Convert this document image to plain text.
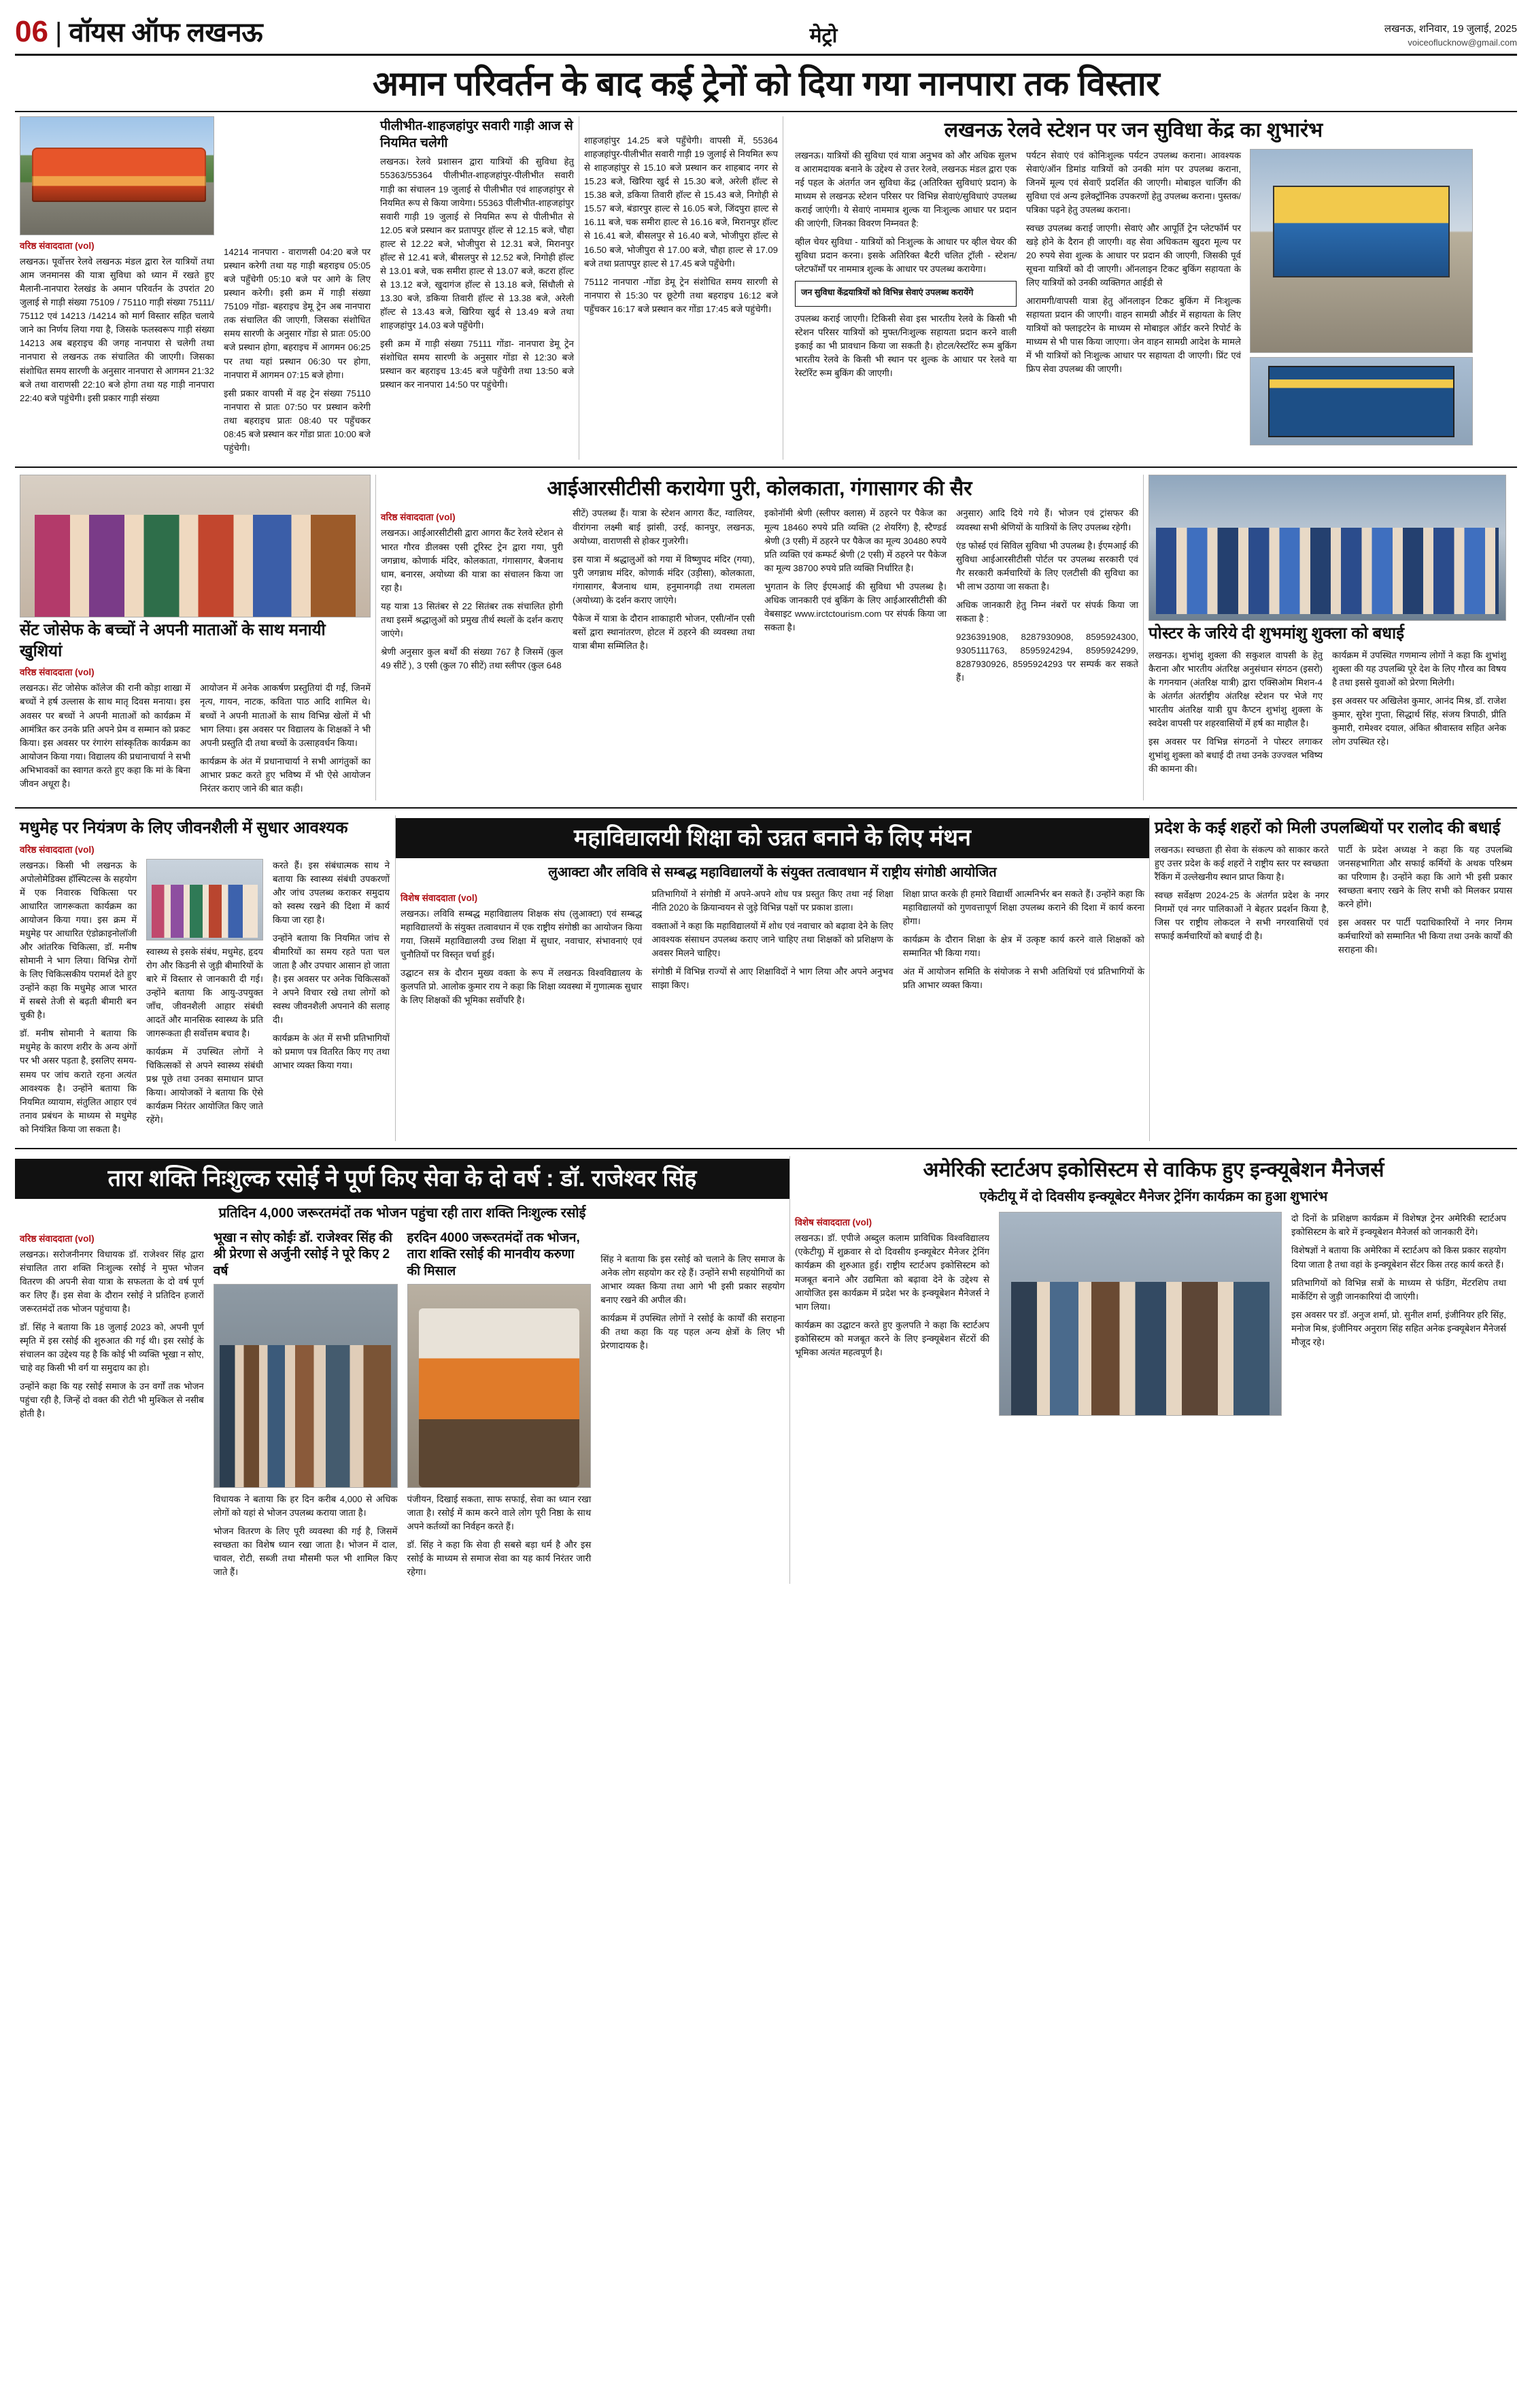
06 | वॉयस ऑफ लखनऊ	मेट्रो	लखनऊ, शनिवार, 19 जुलाई, 2025
voiceoflucknow@gmail.com
अमान परिवर्तन के बाद कई ट्रेनों को दिया गया नानपारा तक विस्तार
वरिष्ठ संवाददाता (vol)

लखनऊ। पूर्वोत्तर रेलवे लखनऊ मंडल द्वारा रेल यात्रियों तथा आम जनमानस की यात्रा सुविधा को ध्यान में रखते हुए मैलानी-नानपारा रेलखंड के अमान परिवर्तन के उपरांत 20 जुलाई से गाड़ी संख्या 75109 / 75110 गाड़ी संख्या 75111/ 75112 एवं 14213 /14214 को मार्ग विस्तार सहित चलाये जाने का निर्णय लिया गया है, जिसके फलस्वरूप गाड़ी संख्या 14213 अब बहराइच की जगह नानपारा से चलेगी तथा नानपारा से लखनऊ तक संचालित की जाएगी। जिसका संशोधित समय सारणी के अनुसार नानपारा से आगमन 21:32 बजे तथा वाराणसी 22:10 बजे होगा तथा यह गाड़ी नानपारा 22:40 बजे पहुंचेगी। इसी प्रकार गाड़ी संख्या

14214 नानपारा - वाराणसी 04:20 बजे पर प्रस्थान करेगी तथा यह गाड़ी बहराइच 05:05 बजे पहुँचेगी 05:10 बजे पर आगे के लिए प्रस्थान करेगी। इसी क्रम में गाड़ी संख्या 75109 गोंडा- बहराइच डेमू ट्रेन अब नानपारा तक संचालित की जाएगी, जिसका संशोधित समय सारणी के अनुसार गोंडा से प्रातः 05:00 बजे प्रस्थान होगा, बहराइच में आगमन 06:25 पर तथा यहां प्रस्थान 06:30 पर होगा, नानपारा में आगमन 07:15 बजे होगा।

इसी प्रकार वापसी में वह ट्रेन संख्या 75110 नानपारा से प्रातः 07:50 पर प्रस्थान करेगी तथा बहराइच प्रातः 08:40 पर पहुँचकर 08:45 बजे प्रस्थान कर गोंडा प्रातः 10:00 बजे पहुंचेगी।

पीलीभीत-शाहजहांपुर सवारी गाड़ी आज से नियमित चलेगी

लखनऊ। रेलवे प्रशासन द्वारा यात्रियों की सुविधा हेतु 55363/55364 पीलीभीत-शाहजहांपुर-पीलीभीत सवारी गाड़ी का संचालन 19 जुलाई से पीलीभीत एवं शाहजहांपुर से नियमित रूप से किया जायेगा। 55363 पीलीभीत-शाहजहांपुर सवारी गाड़ी 19 जुलाई से नियमित रूप से पीलीभीत से 12.05 बजे प्रस्थान कर प्रतापपुर हॉल्ट से 12.15 बजे, चौहा हाल्ट से 12.22 बजे, भोजीपुरा से 12.31 बजे, मिरानपुर हॉल्ट से 12.41 बजे, बीसलपुर से 12.52 बजे, निगोही हॉल्ट से 13.01 बजे, चक समीरा हाल्ट से 13.07 बजे, कटरा हॉल्ट से 13.12 बजे, खुदागंज हॉल्ट से 13.18 बजे, सिंधौली से 13.30 बजे, डकिया तिवारी हॉल्ट से 13.38 बजे, अरेली हॉल्ट से 13.43 बजे, खिरिया खुर्द से 13.49 बजे तथा शाहजहांपुर 14.03 बजे पहुँचेगी।

इसी क्रम में गाड़ी संख्या 75111 गोंडा- नानपारा डेमू ट्रेन संशोधित समय सारणी के अनुसार गोंडा से 12:30 बजे प्रस्थान कर बहराइच 13:45 बजे पहुँचेगी तथा 13:50 बजे प्रस्थान कर नानपारा 14:50 पर पहुंचेगी।

शाहजहांपुर 14.25 बजे पहुँचेगी। वापसी में, 55364 शाहजहांपुर-पीलीभीत सवारी गाड़ी 19 जुलाई से नियमित रूप से शाहजहांपुर से 15.10 बजे प्रस्थान कर शाहबाद नगर से 15.23 बजे, खिरिया खुर्द से 15.30 बजे, अरेली हॉल्ट से 15.38 बजे, डकिया तिवारी हॉल्ट से 15.43 बजे, निगोही से 15.57 बजे, बंडारपुर हाल्ट से 16.05 बजे, जिंदपुरा हाल्ट से 16.11 बजे, चक समीरा हाल्ट से 16.16 बजे, मिरानपुर हॉल्ट से 16.41 बजे, बीसलपुर से 16.40 बजे, भोजीपुरा हॉल्ट से 16.50 बजे, भोजीपुरा से 17.00 बजे, चौहा हाल्ट से 17.09 बजे तथा प्रतापपुर हाल्ट से 17.45 बजे पहुँचेगी।

75112 नानपारा -गोंडा डेमू ट्रेन संशोधित समय सारणी से नानपारा से 15:30 पर छूटेगी तथा बहराइच 16:12 बजे पहुँचकर 16:17 बजे प्रस्थान कर गोंडा 17:45 बजे पहुंचेगी।

लखनऊ रेलवे स्टेशन पर जन सुविधा केंद्र का शुभारंभ

लखनऊ। यात्रियों की सुविधा एवं यात्रा अनुभव को और अधिक सुलभ व आरामदायक बनाने के उद्देश्य से उत्तर रेलवे, लखनऊ मंडल द्वारा एक नई पहल के अंतर्गत जन सुविधा केंद्र (अतिरिक्त सुविधाएं प्रदान) के माध्यम से लखनऊ स्टेशन परिसर पर विभिन्न सेवाएं/सुविधाएं उपलब्ध कराई जाएंगी। ये सेवाएं नाममात्र शुल्क या निःशुल्क आधार पर प्रदान की जाएंगी, जिनका विवरण निम्नवत है:

व्हील चेयर सुविधा - यात्रियों को निःशुल्क के आधार पर व्हील चेयर की सुविधा प्रदान करना। इसके अतिरिक्त बैटरी चलित ट्रॉली - स्टेशन/प्लेटफॉर्मों पर नाममात्र शुल्क के आधार पर उपलब्ध करायेगा।

जन सुविधा केंद्रयात्रियों को विभिन्न सेवाएं उपलब्ध करायेंगे

उपलब्ध कराई जाएगी। टिकिसी सेवा इस भारतीय रेलवे के किसी भी स्टेशन परिसर यात्रियों को मुफ्त/निःशुल्क सहायता प्रदान करने वाली इकाई का भी प्रावधान किया जा सकती है। होटल/रेस्टॉरेंट रूम बुकिंग भारतीय रेलवे के किसी भी स्थान पर शुल्क के आधार पर रेलवे या रेस्टॉरेंट रूम बुकिंग की जाएगी।

पर्यटन सेवाएं एवं कोनिःशुल्क पर्यटन उपलब्ध कराना। आवश्यक सेवाएं/ऑन डिमांड यात्रियों को उनकी मांग पर उपलब्ध कराना, जिनमें मूल्य एवं सेवाएँ प्रदर्शित की जाएगी। मोबाइल चार्जिंग की सुविधा एवं अन्य इलेक्ट्रॉनिक उपकरणों हेतु उपलब्ध कराना। पुस्तक/पत्रिका पढ़ने हेतु उपलब्ध कराना।

स्वच्छ उपलब्ध कराई जाएगी। सेवाएं और आपूर्ति ट्रेन प्लेटफॉर्म पर खड़े होने के दैरान ही जाएगी। वह सेवा अधिकतम खुदरा मूल्य पर 20 रुपये सेवा शुल्क के आधार पर प्रदान की जाएगी, जिसकी पूर्व सूचना यात्रियों को दी जाएगी। ऑनलाइन टिकट बुकिंग सहायता के लिए यात्रियों को उनकी व्यक्तिगत आईडी से

आरामगी/वापसी यात्रा हेतु ऑनलाइन टिकट बुकिंग में निःशुल्क सहायता प्रदान की जाएगी। वाहन सामग्री और्डर में सहायता के लिए यात्रियों को फ्लाइटरेन के माध्यम से मोबाइल ऑर्डर करने रिपोर्ट के माध्यम से भी पास किया जाएगा। जेन वाहन सामग्री आदेश के मामले में भी यात्रियों को निःशुल्क आधार पर सहायता दी जाएगी। प्रिंट एवं फ्रिप सेवा उपलब्ध की जाएगी।

सेंट जोसेफ के बच्चों ने अपनी माताओं के साथ मनायी खुशियां
वरिष्ठ संवाददाता (vol)

लखनऊ। सेंट जोसेफ कॉलेज की रानी कोड़ा शाखा में बच्चों ने हर्ष उल्लास के साथ मातृ दिवस मनाया। इस अवसर पर बच्चों ने अपनी माताओं को कार्यक्रम में आमंत्रित कर उनके प्रति अपने प्रेम व सम्मान को प्रकट किया। इस अवसर पर रंगारंग सांस्कृतिक कार्यक्रम का आयोजन किया गया। विद्यालय की प्रधानाचार्या ने सभी अभिभावकों का स्वागत करते हुए कहा कि मां के बिना जीवन अधूरा है।

आयोजन में अनेक आकर्षण प्रस्तुतियां दी गईं, जिनमें नृत्य, गायन, नाटक, कविता पाठ आदि शामिल थे। बच्चों ने अपनी माताओं के साथ विभिन्न खेलों में भी भाग लिया। इस अवसर पर विद्यालय के शिक्षकों ने भी अपनी प्रस्तुति दी तथा बच्चों के उत्साहवर्धन किया।

कार्यक्रम के अंत में प्रधानाचार्या ने सभी आगंतुकों का आभार प्रकट करते हुए भविष्य में भी ऐसे आयोजन निरंतर कराए जाने की बात कही।

आईआरसीटीसी करायेगा पुरी, कोलकाता, गंगासागर की सैर
वरिष्ठ संवाददाता (vol)

लखनऊ। आईआरसीटीसी द्वारा आगरा कैंट रेलवे स्टेशन से भारत गौरव डीलक्स एसी टूरिस्ट ट्रेन द्वारा गया, पुरी जगन्नाथ, कोणार्क मंदिर, कोलकाता, गंगासागर, बैजनाथ धाम, बनारस, अयोध्या की यात्रा का संचालन किया जा रहा है।

यह यात्रा 13 सितंबर से 22 सितंबर तक संचालित होगी तथा इसमें श्रद्धालुओं को प्रमुख तीर्थ स्थलों के दर्शन कराए जाएंगे।

श्रेणी अनुसार कुल बर्थों की संख्या 767 है जिसमें (कुल 49 सीटें ), 3 एसी (कुल 70 सीटें) तथा स्लीपर (कुल 648

सीटें) उपलब्ध हैं। यात्रा के स्टेशन आगरा कैंट, ग्वालियर, वीरांगना लक्ष्मी बाई झांसी, उरई, कानपुर, लखनऊ, अयोध्या, वाराणसी से होकर गुजरेगी।

इस यात्रा में श्रद्धालुओं को गया में विष्णुपद मंदिर (गया), पुरी जगन्नाथ मंदिर, कोणार्क मंदिर (उड़ीसा), कोलकाता, गंगासागर, बैजनाथ धाम, हनुमानगढ़ी तथा रामलला (अयोध्या) के दर्शन कराए जाएंगे।

पैकेज में यात्रा के दौरान शाकाहारी भोजन, एसी/नॉन एसी बसों द्वारा स्थानांतरण, होटल में ठहरने की व्यवस्था तथा यात्रा बीमा सम्मिलित है।

इकोनॉमी श्रेणी (स्लीपर क्लास) में ठहरने पर पैकेज का मूल्य 18460 रुपये प्रति व्यक्ति (2 शेयरिंग) है, स्टैण्डर्ड श्रेणी (3 एसी) में ठहरने पर पैकेज का मूल्य 30480 रुपये प्रति व्यक्ति एवं कम्फर्ट श्रेणी (2 एसी) में ठहरने पर पैकेज का मूल्य 38700 रुपये प्रति व्यक्ति निर्धारित है।

भुगतान के लिए ईएमआई की सुविधा भी उपलब्ध है। अधिक जानकारी एवं बुकिंग के लिए आईआरसीटीसी की वेबसाइट www.irctctourism.com पर संपर्क किया जा सकता है।

अनुसार) आदि दिये गये हैं। भोजन एवं ट्रांसफर की व्यवस्था सभी श्रेणियों के यात्रियों के लिए उपलब्ध रहेगी।

एंड फोर्स्ड एवं सिविल सुविधा भी उपलब्ध है। ईएमआई की सुविधा आईआरसीटीसी पोर्टल पर उपलब्ध सरकारी एवं गैर सरकारी कर्मचारियों के लिए एलटीसी की सुविधा का भी लाभ उठाया जा सकता है।

अधिक जानकारी हेतु निम्न नंबरों पर संपर्क किया जा सकता है :

9236391908, 8287930908, 8595924300, 9305111763, 8595924294, 8595924299, 8287930926, 8595924293 पर सम्पर्क कर सकते हैं।

पोस्टर के जरिये दी शुभमांशु शुक्ला को बधाई

लखनऊ। शुभांशु शुक्ला की सकुशल वापसी के हेतु कैराना और भारतीय अंतरिक्ष अनुसंधान संगठन (इसरो) के गगनयान (अंतरिक्ष यात्री) द्वारा एक्सिओम मिशन-4 के अंतर्गत अंतर्राष्ट्रीय अंतरिक्ष स्टेशन पर भेजे गए भारतीय अंतरिक्ष यात्री ग्रुप कैप्टन शुभांशु शुक्ला के स्वदेश वापसी पर शहरवासियों में हर्ष का माहौल है।

इस अवसर पर विभिन्न संगठनों ने पोस्टर लगाकर शुभांशु शुक्ला को बधाई दी तथा उनके उज्ज्वल भविष्य की कामना की।

कार्यक्रम में उपस्थित गणमान्य लोगों ने कहा कि शुभांशु शुक्ला की यह उपलब्धि पूरे देश के लिए गौरव का विषय है तथा इससे युवाओं को प्रेरणा मिलेगी।

इस अवसर पर अखिलेश कुमार, आनंद मिश्र, डॉ. राजेश कुमार, सुरेश गुप्ता, सिद्धार्थ सिंह, संजय त्रिपाठी, प्रीति कुमारी, रामेश्वर दयाल, अंकित श्रीवास्तव सहित अनेक लोग उपस्थित रहे।

मधुमेह पर नियंत्रण के लिए जीवनशैली में सुधार आवश्यक
वरिष्ठ संवाददाता (vol)

लखनऊ। किसी भी लखनऊ के अपोलोमेडिक्स हॉस्पिटल्स के सहयोग में एक निवारक चिकित्सा पर आधारित जागरूकता कार्यक्रम का आयोजन किया गया। इस क्रम में मधुमेह पर आधारित एंडोक्राइनोलॉजी और आंतरिक चिकित्सा, डॉ. मनीष सोमानी ने भाग लिया। विभिन्न रोगों के लिए चिकित्सकीय परामर्श देते हुए उन्होंने कहा कि मधुमेह आज भारत में सबसे तेजी से बढ़ती बीमारी बन चुकी है।

डॉ. मनीष सोमानी ने बताया कि मधुमेह के कारण शरीर के अन्य अंगों पर भी असर पड़ता है, इसलिए समय-समय पर जांच कराते रहना अत्यंत आवश्यक है। उन्होंने बताया कि नियमित व्यायाम, संतुलित आहार एवं तनाव प्रबंधन के माध्यम से मधुमेह को नियंत्रित किया जा सकता है।

स्वास्थ्य से इसके संबंध, मधुमेह, हृदय रोग और किडनी से जुड़ी बीमारियों के बारे में विस्तार से जानकारी दी गई। उन्होंने बताया कि आयु-उपयुक्त जाँच, जीवनशैली आहार संबंधी आदतें और मानसिक स्वास्थ्य के प्रति जागरूकता ही सर्वोत्तम बचाव है।

कार्यक्रम में उपस्थित लोगों ने चिकित्सकों से अपने स्वास्थ्य संबंधी प्रश्न पूछे तथा उनका समाधान प्राप्त किया। आयोजकों ने बताया कि ऐसे कार्यक्रम निरंतर आयोजित किए जाते रहेंगे।

करते हैं। इस संबंधात्मक साथ ने बताया कि स्वास्थ्य संबंधी उपकरणों और जांच उपलब्ध कराकर समुदाय को स्वस्थ रखने की दिशा में कार्य किया जा रहा है।

उन्होंने बताया कि नियमित जांच से बीमारियों का समय रहते पता चल जाता है और उपचार आसान हो जाता है। इस अवसर पर अनेक चिकित्सकों ने अपने विचार रखे तथा लोगों को स्वस्थ जीवनशैली अपनाने की सलाह दी।

कार्यक्रम के अंत में सभी प्रतिभागियों को प्रमाण पत्र वितरित किए गए तथा आभार व्यक्त किया गया।

महाविद्यालयी शिक्षा को उन्नत बनाने के लिए मंथन
लुआक्टा और लविवि से सम्बद्ध महाविद्यालयों के संयुक्त तत्वावधान में राष्ट्रीय संगोष्ठी आयोजित
विशेष संवाददाता (vol)

लखनऊ। लविवि सम्बद्ध महाविद्यालय शिक्षक संघ (लुआक्टा) एवं सम्बद्ध महाविद्यालयों के संयुक्त तत्वावधान में एक राष्ट्रीय संगोष्ठी का आयोजन किया गया, जिसमें महाविद्यालयी उच्च शिक्षा में सुधार, नवाचार, संभावनाएं एवं चुनौतियों पर विस्तृत चर्चा हुई।

उद्घाटन सत्र के दौरान मुख्य वक्ता के रूप में लखनऊ विश्वविद्यालय के कुलपति प्रो. आलोक कुमार राय ने कहा कि शिक्षा व्यवस्था में गुणात्मक सुधार के लिए शिक्षकों की भूमिका सर्वोपरि है।

प्रतिभागियों ने संगोष्ठी में अपने-अपने शोध पत्र प्रस्तुत किए तथा नई शिक्षा नीति 2020 के क्रियान्वयन से जुड़े विभिन्न पक्षों पर प्रकाश डाला।

वक्ताओं ने कहा कि महाविद्यालयों में शोध एवं नवाचार को बढ़ावा देने के लिए आवश्यक संसाधन उपलब्ध कराए जाने चाहिए तथा शिक्षकों को प्रशिक्षण के अवसर मिलने चाहिए।

संगोष्ठी में विभिन्न राज्यों से आए शिक्षाविदों ने भाग लिया और अपने अनुभव साझा किए।

शिक्षा प्राप्त करके ही हमारे विद्यार्थी आत्मनिर्भर बन सकते हैं। उन्होंने कहा कि महाविद्यालयों को गुणवत्तापूर्ण शिक्षा उपलब्ध कराने की दिशा में कार्य करना होगा।

कार्यक्रम के दौरान शिक्षा के क्षेत्र में उत्कृष्ट कार्य करने वाले शिक्षकों को सम्मानित भी किया गया।

अंत में आयोजन समिति के संयोजक ने सभी अतिथियों एवं प्रतिभागियों के प्रति आभार व्यक्त किया।

प्रदेश के कई शहरों को मिली उपलब्धियों पर रालोद की बधाई

लखनऊ। स्वच्छता ही सेवा के संकल्प को साकार करते हुए उत्तर प्रदेश के कई शहरों ने राष्ट्रीय स्तर पर स्वच्छता रैंकिंग में उल्लेखनीय स्थान प्राप्त किया है।

स्वच्छ सर्वेक्षण 2024-25 के अंतर्गत प्रदेश के नगर निगमों एवं नगर पालिकाओं ने बेहतर प्रदर्शन किया है, जिस पर राष्ट्रीय लोकदल ने सभी नगरवासियों एवं सफाई कर्मचारियों को बधाई दी है।

पार्टी के प्रदेश अध्यक्ष ने कहा कि यह उपलब्धि जनसहभागिता और सफाई कर्मियों के अथक परिश्रम का परिणाम है। उन्होंने कहा कि आगे भी इसी प्रकार स्वच्छता बनाए रखने के लिए सभी को मिलकर प्रयास करने होंगे।

इस अवसर पर पार्टी पदाधिकारियों ने नगर निगम कर्मचारियों को सम्मानित भी किया तथा उनके कार्यों की सराहना की।

तारा शक्ति निःशुल्क रसोई ने पूर्ण किए सेवा के दो वर्ष : डॉ. राजेश्वर सिंह
प्रतिदिन 4,000 जरूरतमंदों तक भोजन पहुंचा रही तारा शक्ति निःशुल्क रसोई
वरिष्ठ संवाददाता (vol)

लखनऊ। सरोजनीनगर विधायक डॉ. राजेश्वर सिंह द्वारा संचालित तारा शक्ति निःशुल्क रसोई ने मुफ्त भोजन वितरण की अपनी सेवा यात्रा के सफलता के दो वर्ष पूर्ण कर लिए हैं। इस सेवा के दौरान रसोई ने प्रतिदिन हजारों जरूरतमंदों तक भोजन पहुंचाया है।

डॉ. सिंह ने बताया कि 18 जुलाई 2023 को, अपनी पूर्ण स्मृति में इस रसोई की शुरुआत की गई थी। इस रसोई के संचालन का उद्देश्य यह है कि कोई भी व्यक्ति भूखा न सोए, चाहे वह किसी भी वर्ग या समुदाय का हो।

उन्होंने कहा कि यह रसोई समाज के उन वर्गों तक भोजन पहुंचा रही है, जिन्हें दो वक्त की रोटी भी मुश्किल से नसीब होती है।

भूखा न सोए कोईः डॉ. राजेश्वर सिंह की श्री प्रेरणा से अर्जुनी रसोई ने पूरे किए 2 वर्ष

विधायक ने बताया कि हर दिन करीब 4,000 से अधिक लोगों को यहां से भोजन उपलब्ध कराया जाता है।

भोजन वितरण के लिए पूरी व्यवस्था की गई है, जिसमें स्वच्छता का विशेष ध्यान रखा जाता है। भोजन में दाल, चावल, रोटी, सब्जी तथा मौसमी फल भी शामिल किए जाते हैं।

हरदिन 4000 जरूरतमंदों तक भोजन, तारा शक्ति रसोई की मानवीय करुणा की मिसाल

पंजीयन, दिखाई सकता, साफ सफाई, सेवा का ध्यान रखा जाता है। रसोई में काम करने वाले लोग पूरी निष्ठा के साथ अपने कर्तव्यों का निर्वहन करते हैं।

डॉ. सिंह ने कहा कि सेवा ही सबसे बड़ा धर्म है और इस रसोई के माध्यम से समाज सेवा का यह कार्य निरंतर जारी रहेगा।

सिंह ने बताया कि इस रसोई को चलाने के लिए समाज के अनेक लोग सहयोग कर रहे हैं। उन्होंने सभी सहयोगियों का आभार व्यक्त किया तथा आगे भी इसी प्रकार सहयोग बनाए रखने की अपील की।

कार्यक्रम में उपस्थित लोगों ने रसोई के कार्यों की सराहना की तथा कहा कि यह पहल अन्य क्षेत्रों के लिए भी प्रेरणादायक है।

अमेरिकी स्टार्टअप इकोसिस्टम से वाकिफ हुए इन्क्यूबेशन मैनेजर्स
एकेटीयू में दो दिवसीय इन्क्यूबेटर मैनेजर ट्रेनिंग कार्यक्रम का हुआ शुभारंभ
विशेष संवाददाता (vol)

लखनऊ। डॉ. एपीजे अब्दुल कलाम प्राविधिक विश्वविद्यालय (एकेटीयू) में शुक्रवार से दो दिवसीय इन्क्यूबेटर मैनेजर ट्रेनिंग कार्यक्रम की शुरुआत हुई। राष्ट्रीय स्टार्टअप इकोसिस्टम को मजबूत बनाने और उद्यमिता को बढ़ावा देने के उद्देश्य से आयोजित इस कार्यक्रम में प्रदेश भर के इन्क्यूबेशन मैनेजर्स ने भाग लिया।

कार्यक्रम का उद्घाटन करते हुए कुलपति ने कहा कि स्टार्टअप इकोसिस्टम को मजबूत करने के लिए इन्क्यूबेशन सेंटरों की भूमिका अत्यंत महत्वपूर्ण है।

दो दिनों के प्रशिक्षण कार्यक्रम में विशेषज्ञ ट्रेनर अमेरिकी स्टार्टअप इकोसिस्टम के बारे में इन्क्यूबेशन मैनेजर्स को जानकारी देंगे।

विशेषज्ञों ने बताया कि अमेरिका में स्टार्टअप को किस प्रकार सहयोग दिया जाता है तथा वहां के इन्क्यूबेशन सेंटर किस तरह कार्य करते हैं।

प्रतिभागियों को विभिन्न सत्रों के माध्यम से फंडिंग, मेंटरशिप तथा मार्केटिंग से जुड़ी जानकारियां दी जाएंगी।

इस अवसर पर डॉ. अनुज शर्मा, प्रो. सुनील शर्मा, इंजीनियर हरि सिंह, मनोज मिश्र, इंजीनियर अनुराग सिंह सहित अनेक इन्क्यूबेशन मैनेजर्स मौजूद रहे।
